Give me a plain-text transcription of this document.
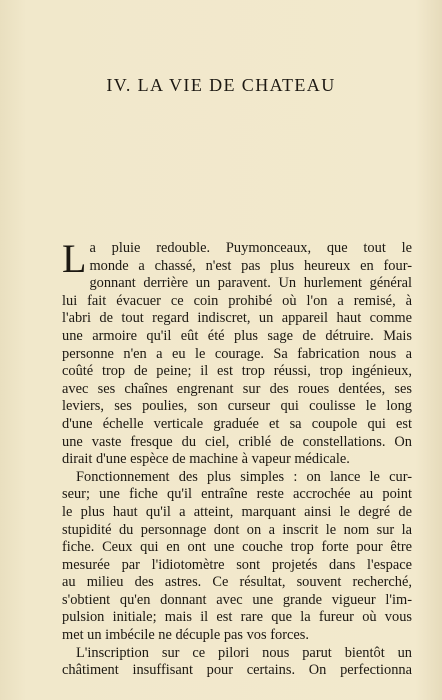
IV. LA VIE DE CHATEAU

L a pluie redouble. Puymonceaux, que tout le
monde a chassé, n'est pas plus heureux en four-
gonnant derrière un paravent. Un hurlement général
lui fait évacuer ce coin prohibé où l'on a remisé, à
l'abri de tout regard indiscret, un appareil haut comme
une armoire qu'il eût été plus sage de détruire. Mais
personne n'en a eu le courage. Sa fabrication nous a
coûté trop de peine; il est trop réussi, trop ingénieux,
avec ses chaînes engrenant sur des roues dentées, ses
leviers, ses poulies, son curseur qui coulisse le long
d'une échelle verticale graduée et sa coupole qui est
une vaste fresque du ciel, criblé de constellations. On
dirait d'une espèce de machine à vapeur médicale.

Fonctionnement des plus simples : on lance le cur-
seur; une fiche qu'il entraîne reste accrochée au point
le plus haut qu'il a atteint, marquant ainsi le degré de
stupidité du personnage dont on a inscrit le nom sur la
fiche. Ceux qui en ont une couche trop forte pour être
mesurée par l'idiotomètre sont projetés dans l'espace
au milieu des astres. Ce résultat, souvent recherché,
s'obtient qu'en donnant avec une grande vigueur l'im-
pulsion initiale; mais il est rare que la fureur où vous
met un imbécile ne décuple pas vos forces.

L'inscription sur ce pilori nous parut bientôt un
châtiment insuffisant pour certains. On perfectionna
